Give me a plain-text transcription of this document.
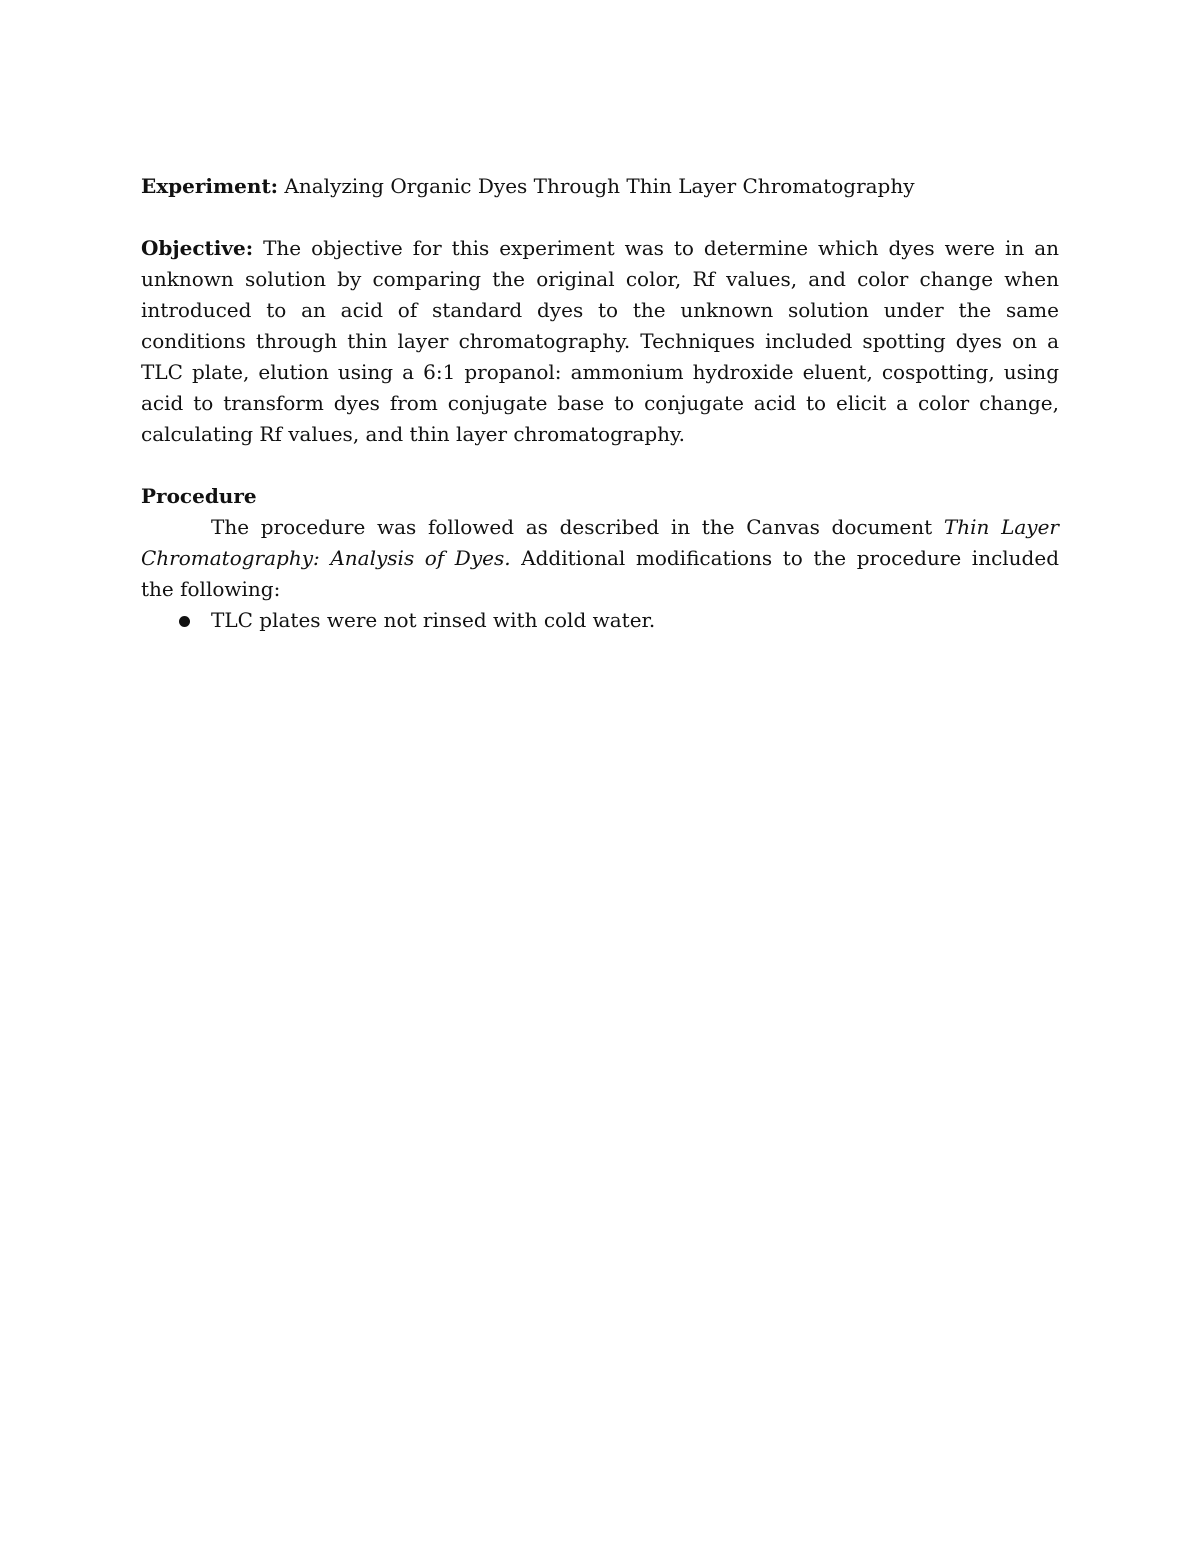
Experiment: Analyzing Organic Dyes Through Thin Layer Chromatography

Objective: The objective for this experiment was to determine which dyes were in an unknown solution by comparing the original color, Rf values, and color change when introduced to an acid of standard dyes to the unknown solution under the same conditions through thin layer chromatography. Techniques included spotting dyes on a TLC plate, elution using a 6:1 propanol: ammonium hydroxide eluent, cospotting, using acid to transform dyes from conjugate base to conjugate acid to elicit a color change, calculating Rf values, and thin layer chromatography.

Procedure

The procedure was followed as described in the Canvas document Thin Layer Chromatography: Analysis of Dyes. Additional modifications to the procedure included the following:

TLC plates were not rinsed with cold water.
